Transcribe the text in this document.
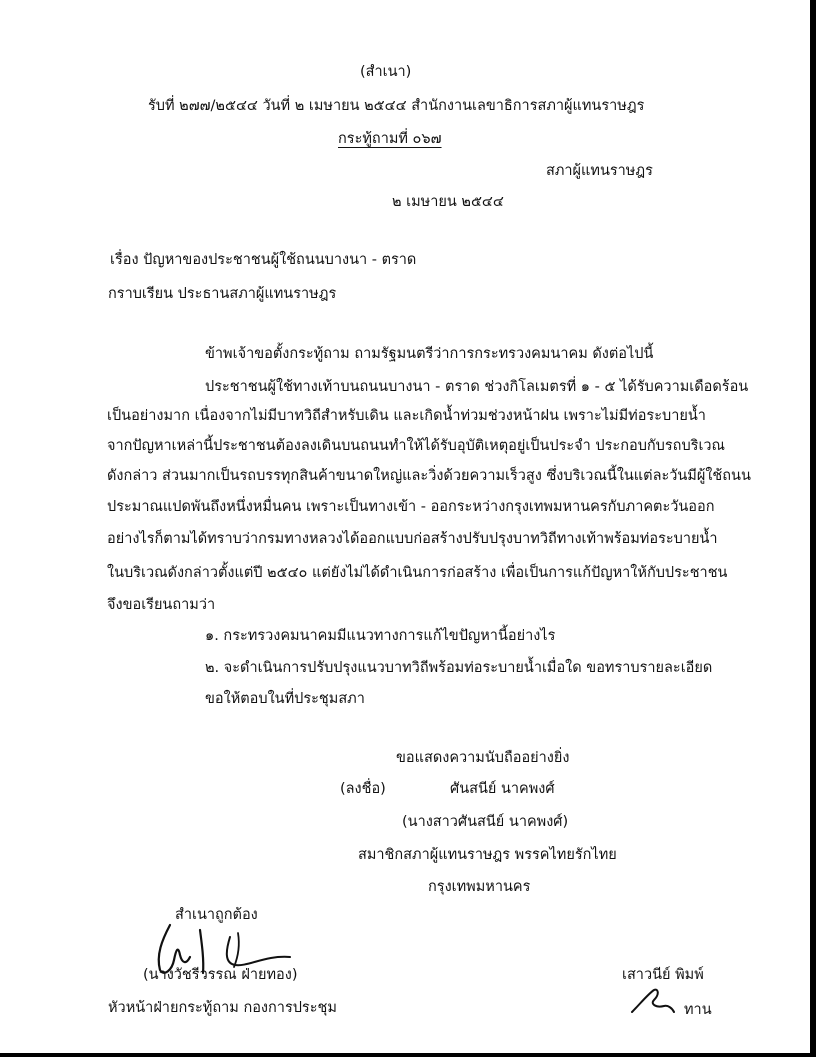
(สำเนา)
รับที่ ๒๗๗/๒๕๔๔ วันที่ ๒ เมษายน ๒๕๔๔ สำนักงานเลขาธิการสภาผู้แทนราษฎร
กระทู้ถามที่ ๐๖๗
สภาผู้แทนราษฎร
๒ เมษายน ๒๕๔๔
เรื่อง ปัญหาของประชาชนผู้ใช้ถนนบางนา - ตราด
กราบเรียน ประธานสภาผู้แทนราษฎร
ข้าพเจ้าขอตั้งกระทู้ถาม ถามรัฐมนตรีว่าการกระทรวงคมนาคม ดังต่อไปนี้
ประชาชนผู้ใช้ทางเท้าบนถนนบางนา - ตราด ช่วงกิโลเมตรที่ ๑ - ๕ ได้รับความเดือดร้อน
เป็นอย่างมาก เนื่องจากไม่มีบาทวิถีสำหรับเดิน และเกิดน้ำท่วมช่วงหน้าฝน เพราะไม่มีท่อระบายน้ำ
จากปัญหาเหล่านี้ประชาชนต้องลงเดินบนถนนทำให้ได้รับอุบัติเหตุอยู่เป็นประจำ ประกอบกับรถบริเวณ
ดังกล่าว ส่วนมากเป็นรถบรรทุกสินค้าขนาดใหญ่และวิ่งด้วยความเร็วสูง ซึ่งบริเวณนี้ในแต่ละวันมีผู้ใช้ถนน
ประมาณแปดพันถึงหนึ่งหมื่นคน เพราะเป็นทางเข้า - ออกระหว่างกรุงเทพมหานครกับภาคตะวันออก
อย่างไรก็ตามได้ทราบว่ากรมทางหลวงได้ออกแบบก่อสร้างปรับปรุงบาทวิถีทางเท้าพร้อมท่อระบายน้ำ
ในบริเวณดังกล่าวตั้งแต่ปี ๒๕๔๐ แต่ยังไม่ได้ดำเนินการก่อสร้าง เพื่อเป็นการแก้ปัญหาให้กับประชาชน
จึงขอเรียนถามว่า
๑. กระทรวงคมนาคมมีแนวทางการแก้ไขปัญหานี้อย่างไร
๒. จะดำเนินการปรับปรุงแนวบาทวิถีพร้อมท่อระบายน้ำเมื่อใด ขอทราบรายละเอียด
ขอให้ตอบในที่ประชุมสภา
ขอแสดงความนับถืออย่างยิ่ง
(ลงชื่อ)	ศันสนีย์ นาคพงศ์
(นางสาวศันสนีย์ นาคพงศ์)
สมาชิกสภาผู้แทนราษฎร พรรคไทยรักไทย
กรุงเทพมหานคร
สำเนาถูกต้อง
(นางวัชรีวรรณ ฝ่ายทอง)
หัวหน้าฝ่ายกระทู้ถาม กองการประชุม
เสาวนีย์ พิมพ์
ทาน
